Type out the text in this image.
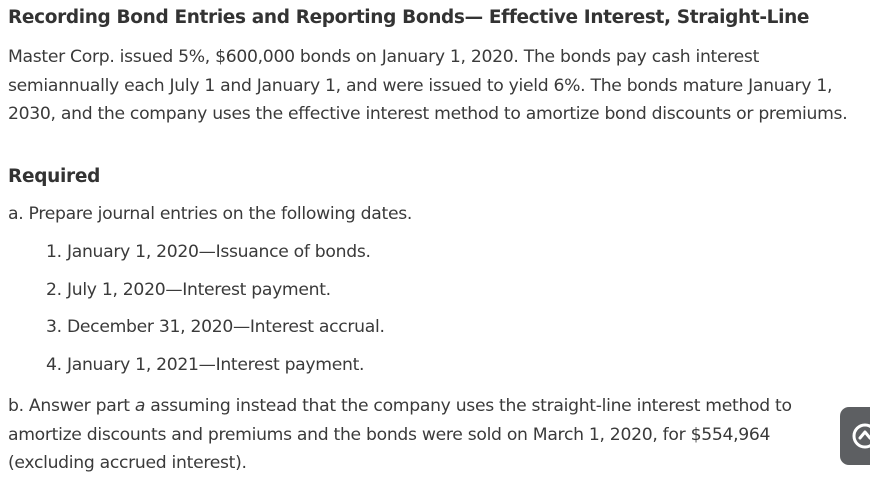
Recording Bond Entries and Reporting Bonds— Effective Interest, Straight-Line

Master Corp. issued 5%, $600,000 bonds on January 1, 2020. The bonds pay cash interest semiannually each July 1 and January 1, and were issued to yield 6%. The bonds mature January 1, 2030, and the company uses the effective interest method to amortize bond discounts or premiums.

Required
a. Prepare journal entries on the following dates.
1. January 1, 2020—Issuance of bonds.
2. July 1, 2020—Interest payment.
3. December 31, 2020—Interest accrual.
4. January 1, 2021—Interest payment.

b. Answer part a assuming instead that the company uses the straight-line interest method to amortize discounts and premiums and the bonds were sold on March 1, 2020, for $554,964 (excluding accrued interest).
